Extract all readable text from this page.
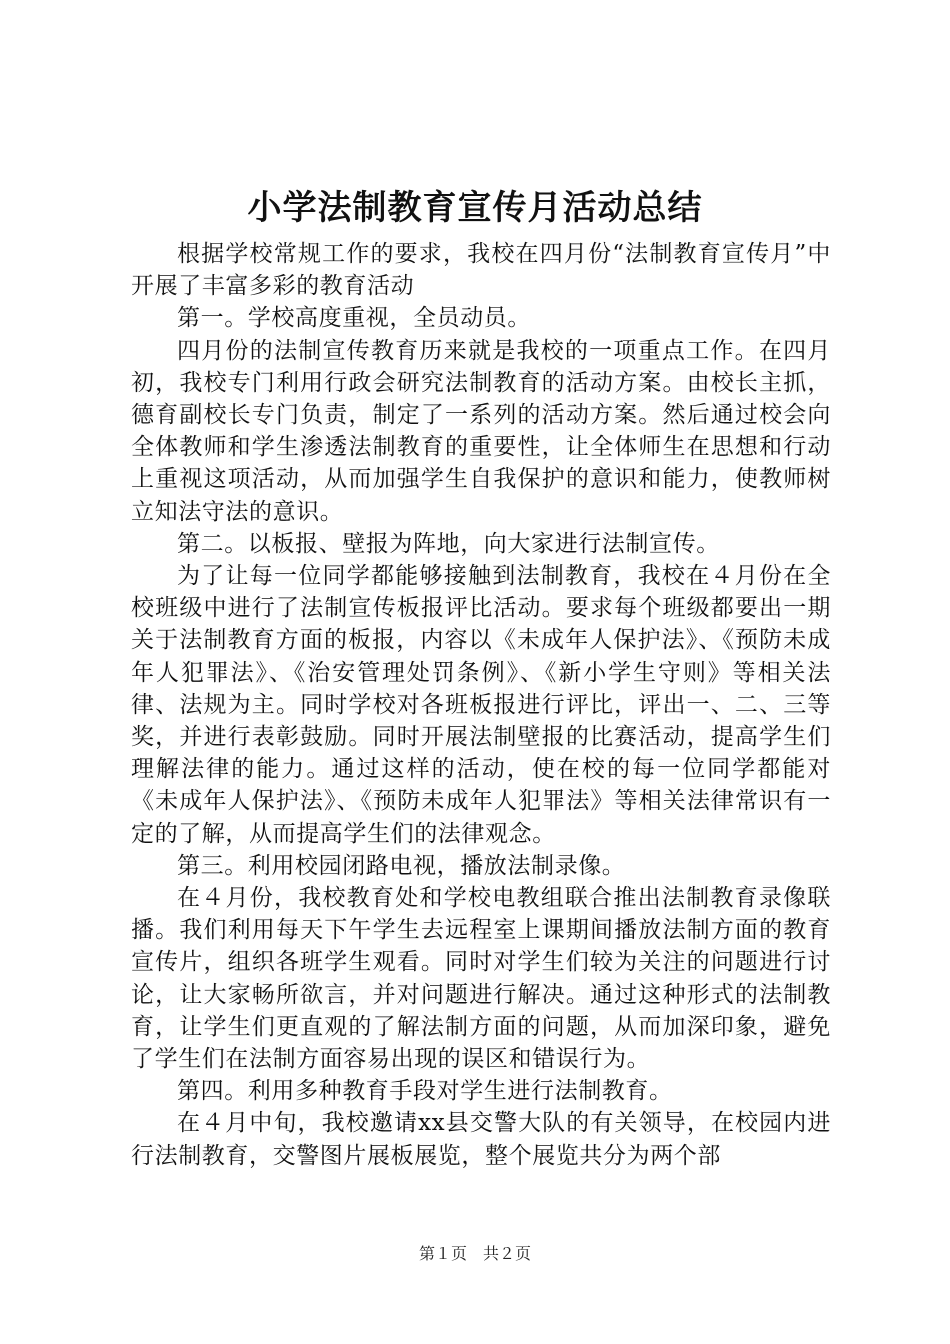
小学法制教育宣传月活动总结

根据学校常规工作的要求，我校在四月份“法制教育宣传月”中开展了丰富多彩的教育活动

第一。学校高度重视，全员动员。

四月份的法制宣传教育历来就是我校的一项重点工作。在四月初，我校专门利用行政会研究法制教育的活动方案。由校长主抓，德育副校长专门负责，制定了一系列的活动方案。然后通过校会向全体教师和学生渗透法制教育的重要性，让全体师生在思想和行动上重视这项活动，从而加强学生自我保护的意识和能力，使教师树立知法守法的意识。

第二。以板报、壁报为阵地，向大家进行法制宣传。

为了让每一位同学都能够接触到法制教育，我校在４月份在全校班级中进行了法制宣传板报评比活动。要求每个班级都要出一期关于法制教育方面的板报，内容以《未成年人保护法》、《预防未成年人犯罪法》、《治安管理处罚条例》、《新小学生守则》等相关法律、法规为主。同时学校对各班板报进行评比，评出一、二、三等奖，并进行表彰鼓励。同时开展法制壁报的比赛活动，提高学生们理解法律的能力。通过这样的活动，使在校的每一位同学都能对《未成年人保护法》、《预防未成年人犯罪法》等相关法律常识有一定的了解，从而提高学生们的法律观念。

第三。利用校园闭路电视，播放法制录像。

在４月份，我校教育处和学校电教组联合推出法制教育录像联播。我们利用每天下午学生去远程室上课期间播放法制方面的教育宣传片，组织各班学生观看。同时对学生们较为关注的问题进行讨论，让大家畅所欲言，并对问题进行解决。通过这种形式的法制教育，让学生们更直观的了解法制方面的问题，从而加深印象，避免了学生们在法制方面容易出现的误区和错误行为。

第四。利用多种教育手段对学生进行法制教育。

在４月中旬，我校邀请xx县交警大队的有关领导，在校园内进行法制教育，交警图片展板展览，整个展览共分为两个部

第１页　共２页
